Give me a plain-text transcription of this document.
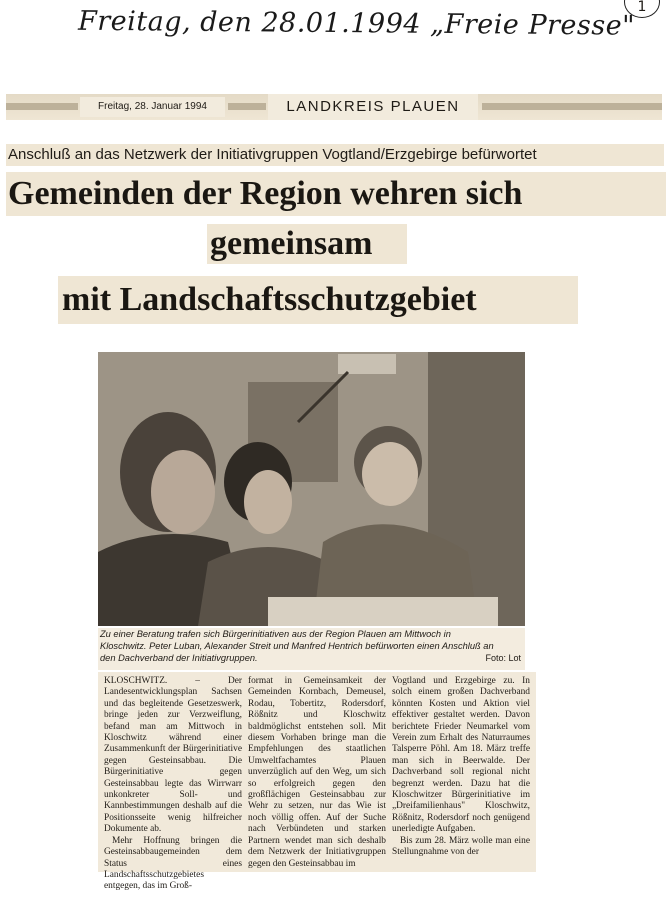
Freitag, den 28.01.1994 „Freie Presse" 1
Freitag, 28. Januar 1994	LANDKREIS PLAUEN
Anschluß an das Netzwerk der Initiativgruppen Vogtland/Erzgebirge befürwortet
Gemeinden der Region wehren sich
gemeinsam
mit Landschaftsschutzgebiet
Zu einer Beratung trafen sich Bürgerinitiativen aus der Region Plauen am Mittwoch in Kloschwitz. Peter Luban, Alexander Streit und Manfred Hentrich befürworten einen Anschluß an den Dachverband der Initiativgruppen.	Foto: Lot

KLOSCHWITZ. – Der Landesentwicklungsplan Sachsen und das begleitende Gesetzeswerk, bringe jeden zur Verzweiflung, befand man am Mittwoch in Kloschwitz während einer Zusammenkunft der Bürgerinitiative gegen Gesteinsabbau. Die Bürgerinitiative gegen Gesteinsabbau legte das Wirrwarr unkonkreter Soll- und Kannbestimmungen deshalb auf die Positionsseite wenig hilfreicher Dokumente ab.

Mehr Hoffnung bringen die Gesteinsabbaugemeinden dem Status eines Landschaftsschutzgebietes entgegen, das im Groß-

format in Gemeinsamkeit der Gemeinden Kornbach, Demeusel, Rodau, Tobertitz, Rodersdorf, Rößnitz und Kloschwitz baldmöglichst entstehen soll. Mit diesem Vorhaben bringe man die Empfehlungen des staatlichen Umweltfachamtes Plauen unverzüglich auf den Weg, um sich so erfolgreich gegen den großflächigen Gesteinsabbau zur Wehr zu setzen, nur das Wie ist noch völlig offen. Auf der Suche nach Verbündeten und starken Partnern wendet man sich deshalb dem Netzwerk der Initiativgruppen gegen den Gesteinsabbau im

Vogtland und Erzgebirge zu. In solch einem großen Dachverband könnten Kosten und Aktion viel effektiver gestaltet werden. Davon berichtete Frieder Neumarkel vom Verein zum Erhalt des Naturraumes Talsperre Pöhl. Am 18. März treffe man sich in Beerwalde. Der Dachverband soll regional nicht begrenzt werden. Dazu hat die Kloschwitzer Bürgerinitiative im „Dreifamilienhaus" Kloschwitz, Rößnitz, Rodersdorf noch genügend unerledigte Aufgaben.

Bis zum 28. März wolle man eine Stellungnahme von der
